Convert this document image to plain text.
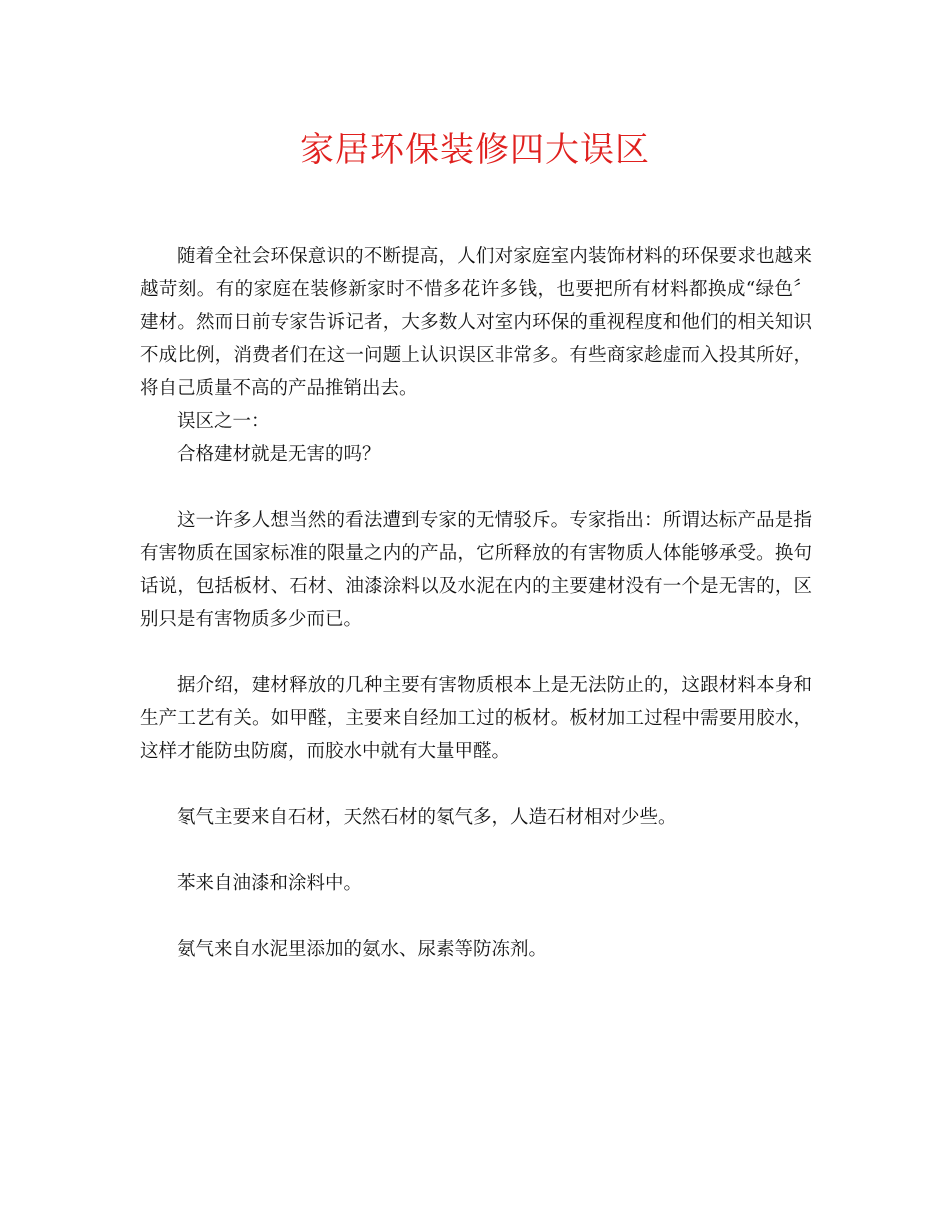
家居环保装修四大误区

随着全社会环保意识的不断提高，人们对家庭室内装饰材料的环保要求也越来越苛刻。有的家庭在装修新家时不惜多花许多钱，也要把所有材料都换成“绿色〞建材。然而日前专家告诉记者，大多数人对室内环保的重视程度和他们的相关知识不成比例，消费者们在这一问题上认识误区非常多。有些商家趁虚而入投其所好，将自己质量不高的产品推销出去。

误区之一：

合格建材就是无害的吗？

这一许多人想当然的看法遭到专家的无情驳斥。专家指出：所谓达标产品是指有害物质在国家标准的限量之内的产品，它所释放的有害物质人体能够承受。换句话说，包括板材、石材、油漆涂料以及水泥在内的主要建材没有一个是无害的，区别只是有害物质多少而已。

据介绍，建材释放的几种主要有害物质根本上是无法防止的，这跟材料本身和生产工艺有关。如甲醛，主要来自经加工过的板材。板材加工过程中需要用胶水，这样才能防虫防腐，而胶水中就有大量甲醛。

氡气主要来自石材，天然石材的氡气多，人造石材相对少些。

苯来自油漆和涂料中。

氨气来自水泥里添加的氨水、尿素等防冻剂。
